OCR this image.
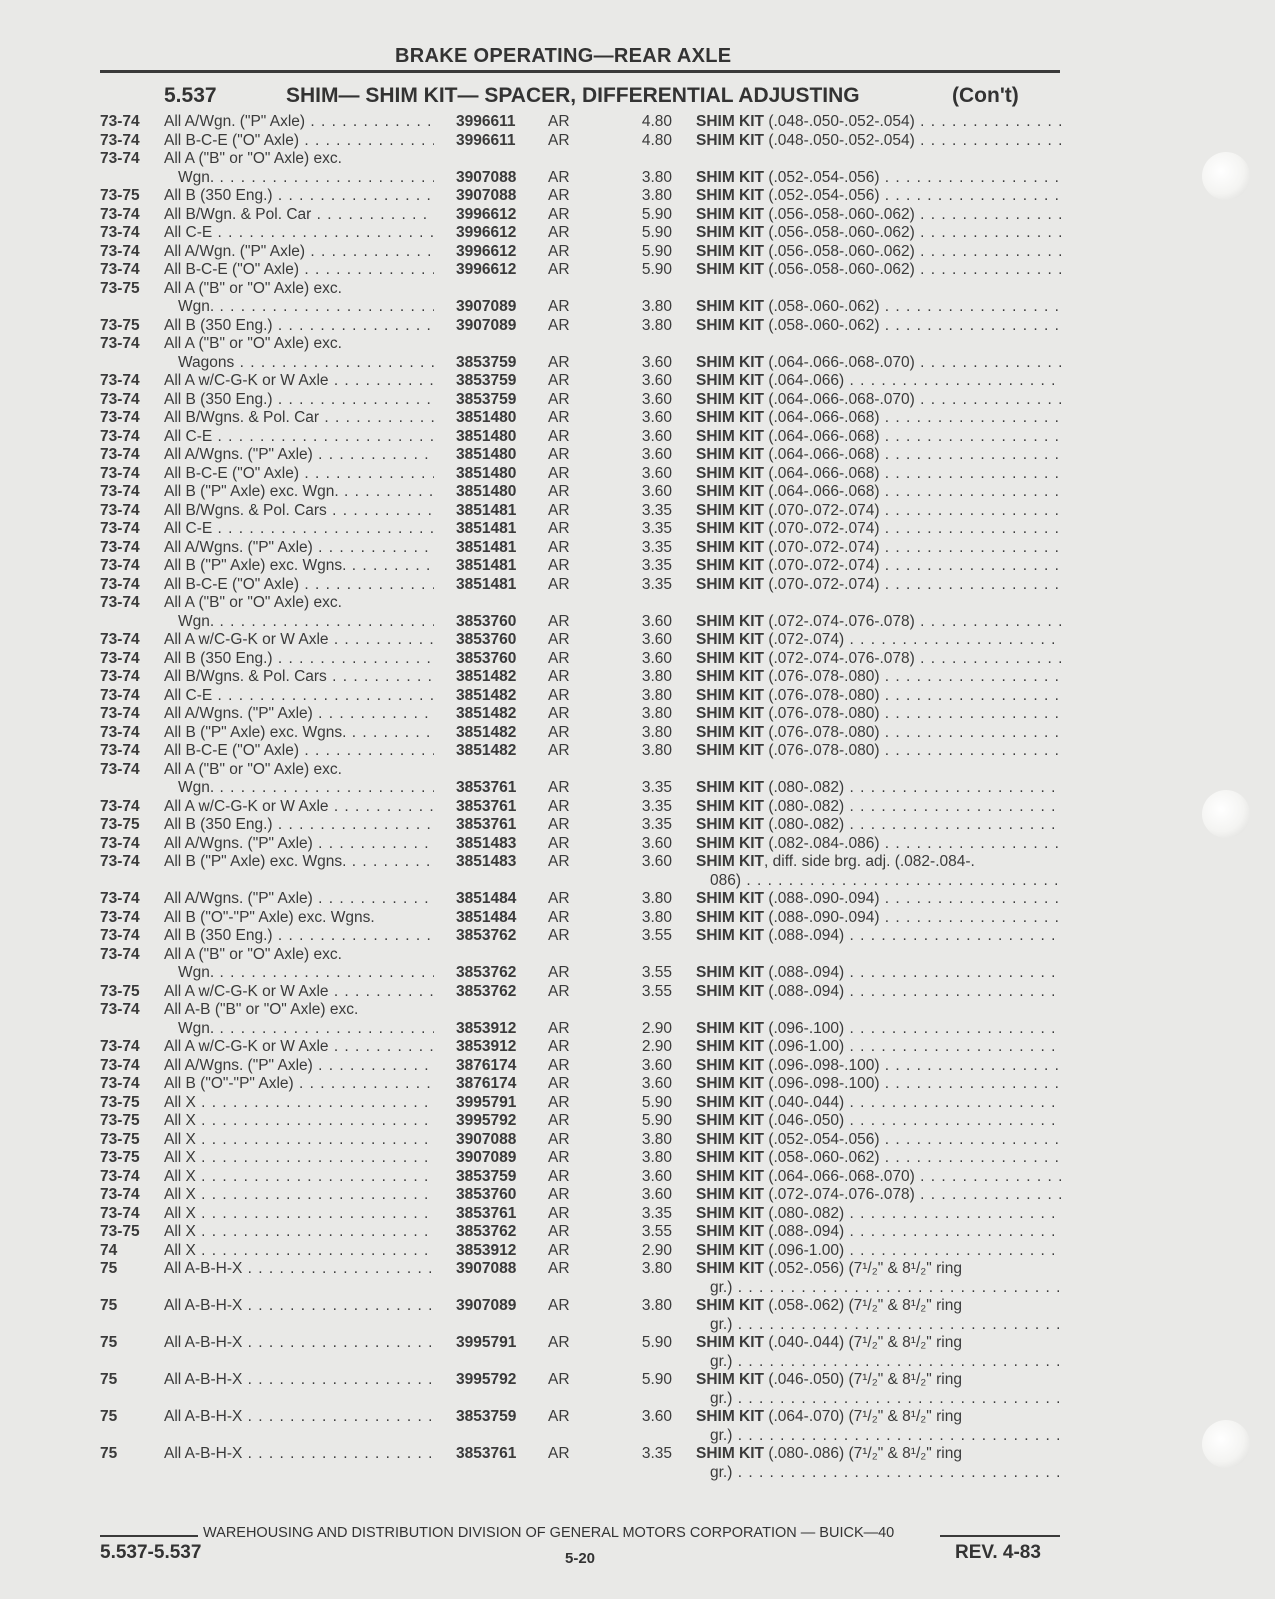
BRAKE OPERATING—REAR AXLE
5.537	SHIM— SHIM KIT— SPACER, DIFFERENTIAL ADJUSTING	(Con't)
73-74 All A/Wgn. ("P" Axle) . . .	3996611 AR	4.80 SHIM KIT (.048-.050-.052-.054) . . .
73-74 All B-C-E ("O" Axle) . . .	3996611 AR	4.80 SHIM KIT (.048-.050-.052-.054) . . .
73-74 All A ("B" or "O" Axle) exc.
Wgn. . . .	3907088 AR	3.80 SHIM KIT (.052-.054-.056) . . .
73-75 All B (350 Eng.) . . .	3907088 AR	3.80 SHIM KIT (.052-.054-.056) . . .
73-74 All B/Wgn. & Pol. Car . . .	3996612 AR	5.90 SHIM KIT (.056-.058-.060-.062) . . .
73-74 All C-E . . .	3996612 AR	5.90 SHIM KIT (.056-.058-.060-.062) . . .
73-74 All A/Wgn. ("P" Axle) . . .	3996612 AR	5.90 SHIM KIT (.056-.058-.060-.062) . . .
73-74 All B-C-E ("O" Axle) . . .	3996612 AR	5.90 SHIM KIT (.056-.058-.060-.062) . . .
73-75 All A ("B" or "O" Axle) exc.
Wgn. . . .	3907089 AR	3.80 SHIM KIT (.058-.060-.062) . . .
73-75 All B (350 Eng.) . . .	3907089 AR	3.80 SHIM KIT (.058-.060-.062) . . .
73-74 All A ("B" or "O" Axle) exc.
Wagons . . .	3853759 AR	3.60 SHIM KIT (.064-.066-.068-.070) . . .
73-74 All A w/C-G-K or W Axle . . .	3853759 AR	3.60 SHIM KIT (.064-.066) . . .
73-74 All B (350 Eng.) . . .	3853759 AR	3.60 SHIM KIT (.064-.066-.068-.070) . . .
73-74 All B/Wgns. & Pol. Car . . .	3851480 AR	3.60 SHIM KIT (.064-.066-.068) . . .
73-74 All C-E . . .	3851480 AR	3.60 SHIM KIT (.064-.066-.068) . . .
73-74 All A/Wgns. ("P" Axle) . . .	3851480 AR	3.60 SHIM KIT (.064-.066-.068) . . .
73-74 All B-C-E ("O" Axle) . . .	3851480 AR	3.60 SHIM KIT (.064-.066-.068) . . .
73-74 All B ("P" Axle) exc. Wgn. . . .	3851480 AR	3.60 SHIM KIT (.064-.066-.068) . . .
73-74 All B/Wgns. & Pol. Cars . . .	3851481 AR	3.35 SHIM KIT (.070-.072-.074) . . .
73-74 All C-E . . .	3851481 AR	3.35 SHIM KIT (.070-.072-.074) . . .
73-74 All A/Wgns. ("P" Axle) . . .	3851481 AR	3.35 SHIM KIT (.070-.072-.074) . . .
73-74 All B ("P" Axle) exc. Wgns. . . .	3851481 AR	3.35 SHIM KIT (.070-.072-.074) . . .
73-74 All B-C-E ("O" Axle) . . .	3851481 AR	3.35 SHIM KIT (.070-.072-.074) . . .
73-74 All A ("B" or "O" Axle) exc.
Wgn. . . .	3853760 AR	3.60 SHIM KIT (.072-.074-.076-.078) . . .
73-74 All A w/C-G-K or W Axle . . .	3853760 AR	3.60 SHIM KIT (.072-.074) . . .
73-74 All B (350 Eng.) . . .	3853760 AR	3.60 SHIM KIT (.072-.074-.076-.078) . . .
73-74 All B/Wgns. & Pol. Cars . . .	3851482 AR	3.80 SHIM KIT (.076-.078-.080) . . .
73-74 All C-E . . .	3851482 AR	3.80 SHIM KIT (.076-.078-.080) . . .
73-74 All A/Wgns. ("P" Axle) . . .	3851482 AR	3.80 SHIM KIT (.076-.078-.080) . . .
73-74 All B ("P" Axle) exc. Wgns. . . .	3851482 AR	3.80 SHIM KIT (.076-.078-.080) . . .
73-74 All B-C-E ("O" Axle) . . .	3851482 AR	3.80 SHIM KIT (.076-.078-.080) . . .
73-74 All A ("B" or "O" Axle) exc.
Wgn. . . .	3853761 AR	3.35 SHIM KIT (.080-.082) . . .
73-74 All A w/C-G-K or W Axle . . .	3853761 AR	3.35 SHIM KIT (.080-.082) . . .
73-75 All B (350 Eng.) . . .	3853761 AR	3.35 SHIM KIT (.080-.082) . . .
73-74 All A/Wgns. ("P" Axle) . . .	3851483 AR	3.60 SHIM KIT (.082-.084-.086) . . .
73-74 All B ("P" Axle) exc. Wgns. . . .	3851483 AR	3.60 SHIM KIT, diff. side brg. adj. (.082-.084-.
086) . . .
73-74 All A/Wgns. ("P" Axle) . . .	3851484 AR	3.80 SHIM KIT (.088-.090-.094) . . .
73-74 All B ("O"-"P" Axle) exc. Wgns.	3851484 AR	3.80 SHIM KIT (.088-.090-.094) . . .
73-74 All B (350 Eng.) . . .	3853762 AR	3.55 SHIM KIT (.088-.094) . . .
73-74 All A ("B" or "O" Axle) exc.
Wgn. . . .	3853762 AR	3.55 SHIM KIT (.088-.094) . . .
73-75 All A w/C-G-K or W Axle . . .	3853762 AR	3.55 SHIM KIT (.088-.094) . . .
73-74 All A-B ("B" or "O" Axle) exc.
Wgn. . . .	3853912 AR	2.90 SHIM KIT (.096-.100) . . .
73-74 All A w/C-G-K or W Axle . . .	3853912 AR	2.90 SHIM KIT (.096-1.00) . . .
73-74 All A/Wgns. ("P" Axle) . . .	3876174 AR	3.60 SHIM KIT (.096-.098-.100) . . .
73-74 All B ("O"-"P" Axle) . . .	3876174 AR	3.60 SHIM KIT (.096-.098-.100) . . .
73-75 All X . . .	3995791 AR	5.90 SHIM KIT (.040-.044) . . .
73-75 All X . . .	3995792 AR	5.90 SHIM KIT (.046-.050) . . .
73-75 All X . . .	3907088 AR	3.80 SHIM KIT (.052-.054-.056) . . .
73-75 All X . . .	3907089 AR	3.80 SHIM KIT (.058-.060-.062) . . .
73-74 All X . . .	3853759 AR	3.60 SHIM KIT (.064-.066-.068-.070) . . .
73-74 All X . . .	3853760 AR	3.60 SHIM KIT (.072-.074-.076-.078) . . .
73-74 All X . . .	3853761 AR	3.35 SHIM KIT (.080-.082) . . .
73-75 All X . . .	3853762 AR	3.55 SHIM KIT (.088-.094) . . .
74	All X . . .	3853912 AR	2.90 SHIM KIT (.096-1.00) . . .
75	All A-B-H-X . . .	3907088 AR	3.80 SHIM KIT (.052-.056) (7¹/₂" & 8¹/₂" ring
gr.) . . .
75	All A-B-H-X . . .	3907089 AR	3.80 SHIM KIT (.058-.062) (7¹/₂" & 8¹/₂" ring
gr.) . . .
75	All A-B-H-X . . .	3995791 AR	5.90 SHIM KIT (.040-.044) (7¹/₂" & 8¹/₂" ring
gr.) . . .
75	All A-B-H-X . . .	3995792 AR	5.90 SHIM KIT (.046-.050) (7¹/₂" & 8¹/₂" ring
gr.) . . .
75	All A-B-H-X . . .	3853759 AR	3.60 SHIM KIT (.064-.070) (7¹/₂" & 8¹/₂" ring
gr.) . . .
75	All A-B-H-X . . .	3853761 AR	3.35 SHIM KIT (.080-.086) (7¹/₂" & 8¹/₂" ring
gr.) . . .
WAREHOUSING AND DISTRIBUTION DIVISION OF GENERAL MOTORS CORPORATION — BUICK—40
5.537-5.537	5-20	REV. 4-83
